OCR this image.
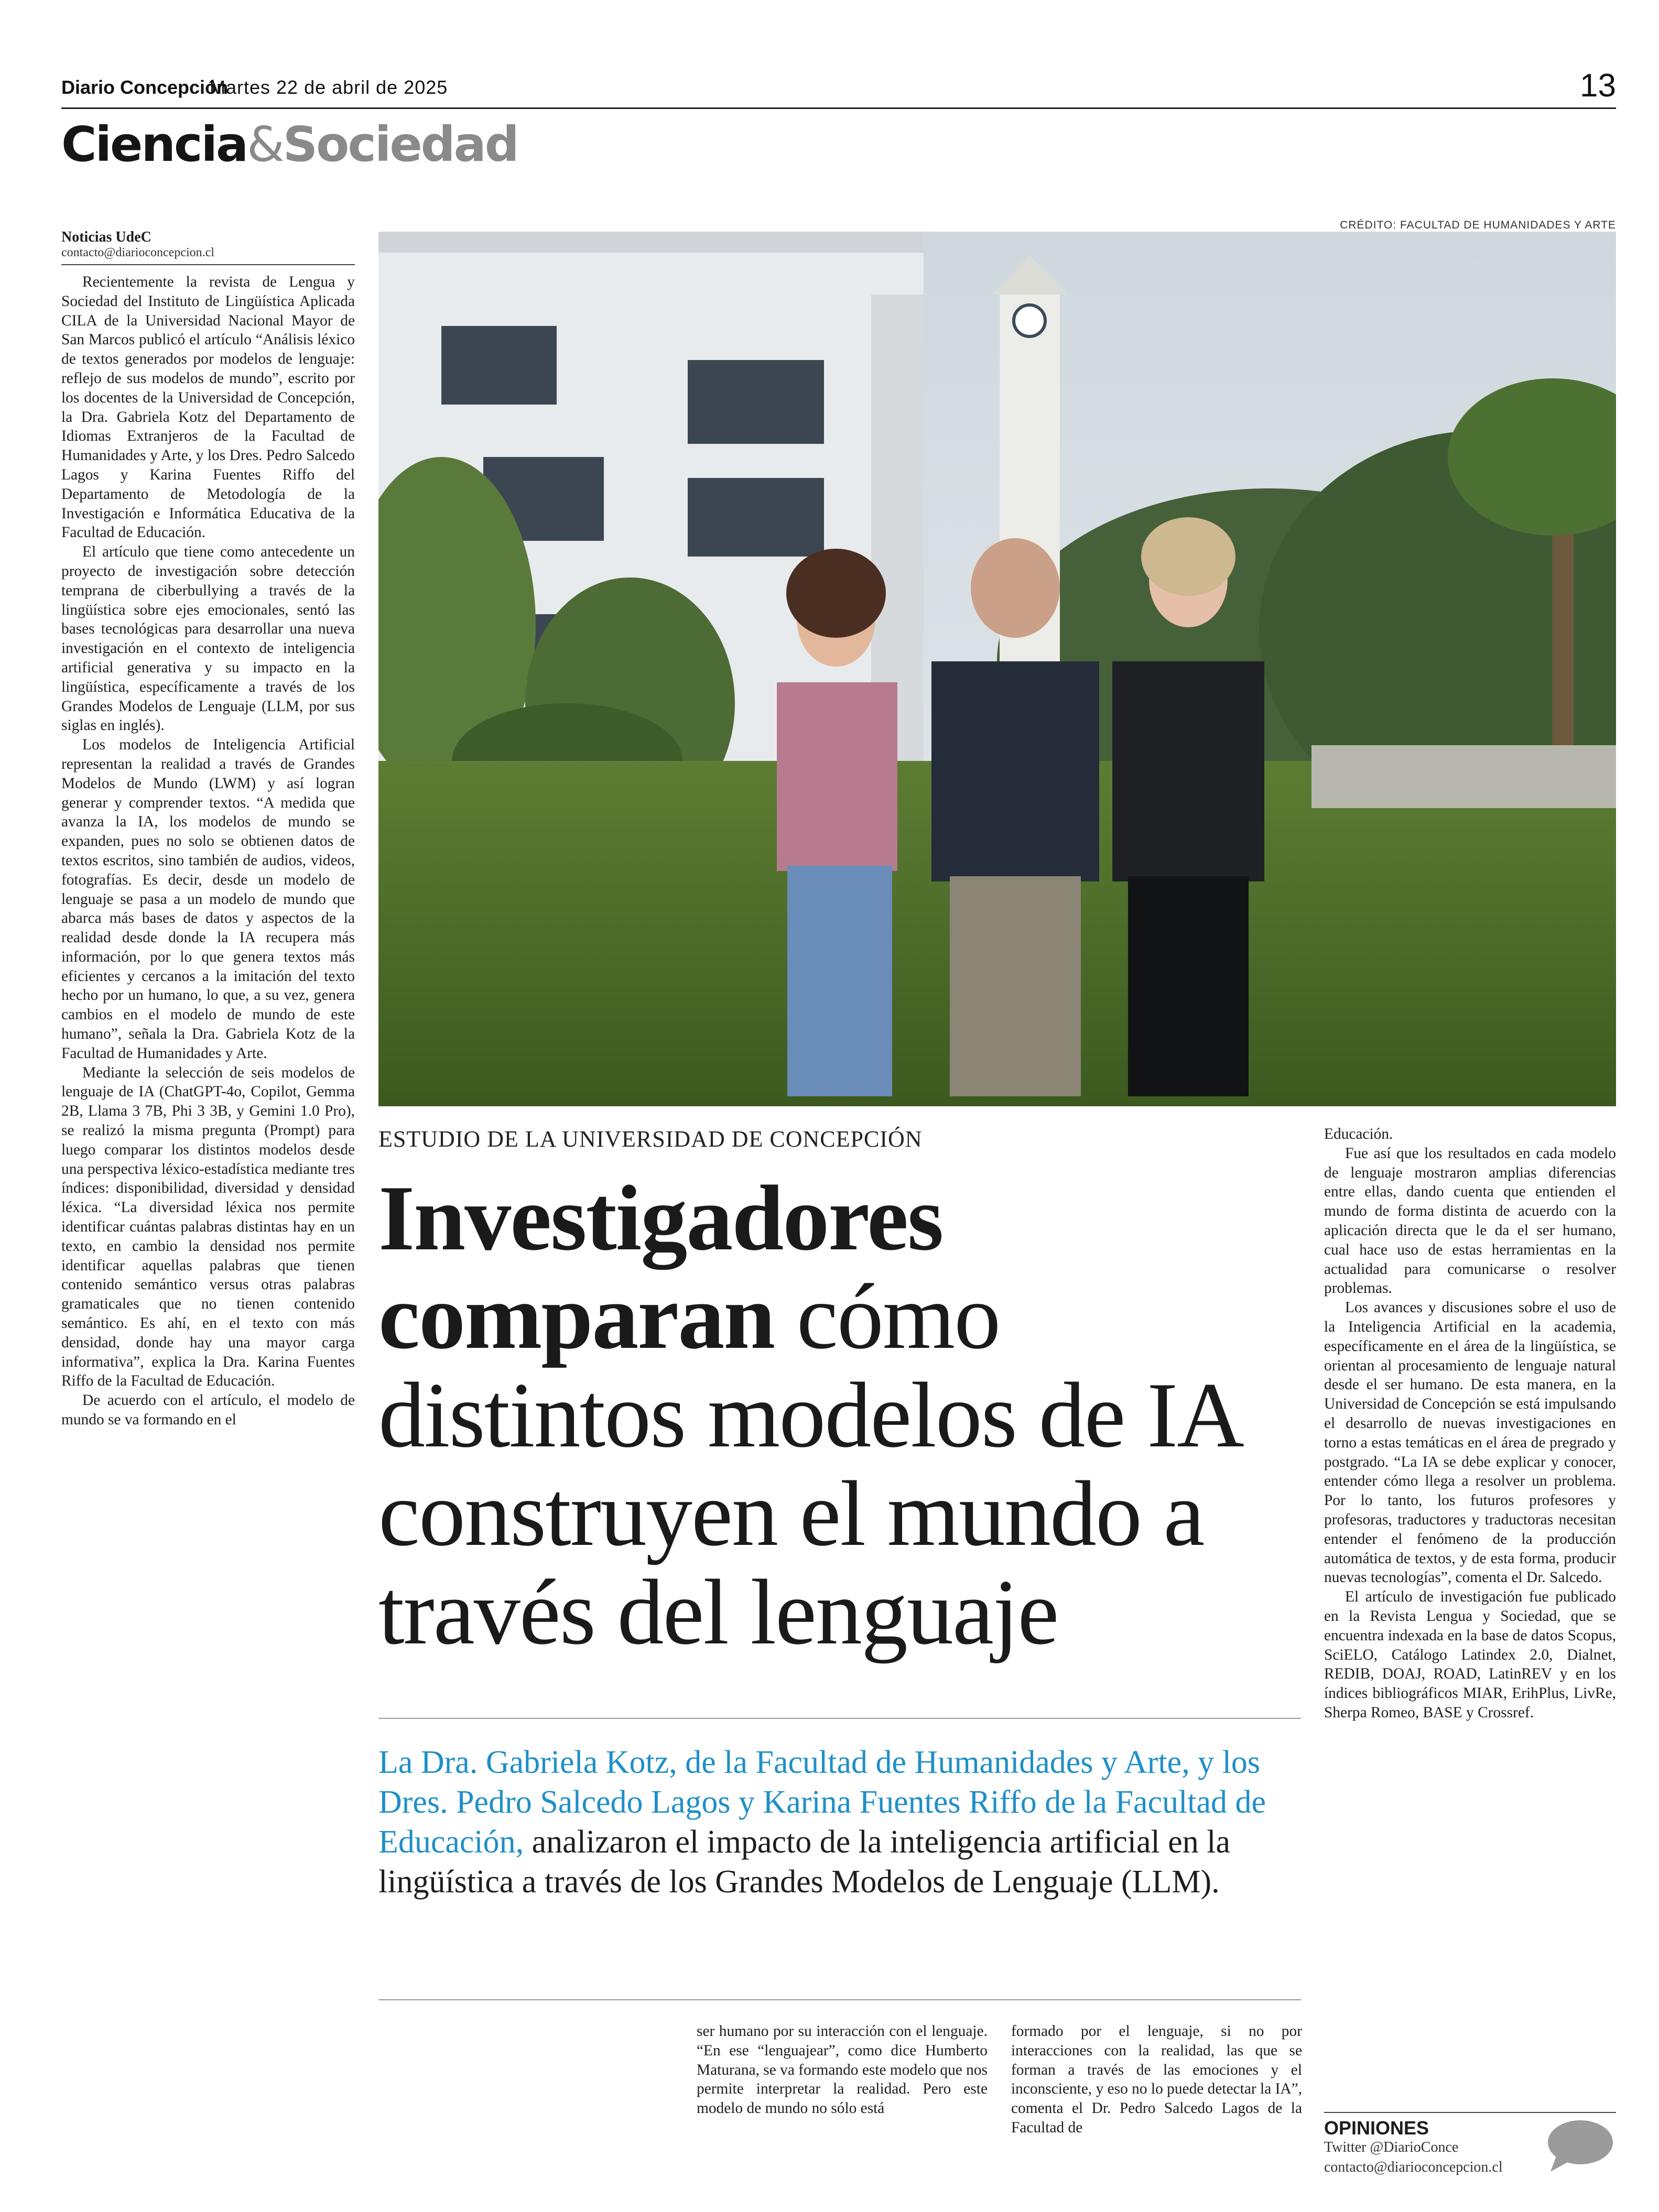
Diario Concepción
Martes 22 de abril de 2025	13
Ciencia&Sociedad
Noticias UdeC
contacto@diarioconcepcion.cl

Recientemente la revista de Lengua y Sociedad del Instituto de Lingüística Aplicada CILA de la Universidad Nacional Mayor de San Marcos publicó el artículo “Análisis léxico de textos generados por modelos de lenguaje: reflejo de sus modelos de mundo”, escrito por los docentes de la Universidad de Concepción, la Dra. Gabriela Kotz del Departamento de Idiomas Extranjeros de la Facultad de Humanidades y Arte, y los Dres. Pedro Salcedo Lagos y Karina Fuentes Riffo del Departamento de Metodología de la Investigación e Informática Educativa de la Facultad de Educación.

El artículo que tiene como antecedente un proyecto de investigación sobre detección temprana de ciberbullying a través de la lingüística sobre ejes emocionales, sentó las bases tecnológicas para desarrollar una nueva investigación en el contexto de inteligencia artificial generativa y su impacto en la lingüística, específicamente a través de los Grandes Modelos de Lenguaje (LLM, por sus siglas en inglés).

Los modelos de Inteligencia Artificial representan la realidad a través de Grandes Modelos de Mundo (LWM) y así logran generar y comprender textos. “A medida que avanza la IA, los modelos de mundo se expanden, pues no solo se obtienen datos de textos escritos, sino también de audios, videos, fotografías. Es decir, desde un modelo de lenguaje se pasa a un modelo de mundo que abarca más bases de datos y aspectos de la realidad desde donde la IA recupera más información, por lo que genera textos más eficientes y cercanos a la imitación del texto hecho por un humano, lo que, a su vez, genera cambios en el modelo de mundo de este humano”, señala la Dra. Gabriela Kotz de la Facultad de Humanidades y Arte.

Mediante la selección de seis modelos de lenguaje de IA (ChatGPT-4o, Copilot, Gemma 2B, Llama 3 7B, Phi 3 3B, y Gemini 1.0 Pro), se realizó la misma pregunta (Prompt) para luego comparar los distintos modelos desde una perspectiva léxico-estadística mediante tres índices: disponibilidad, diversidad y densidad léxica. “La diversidad léxica nos permite identificar cuántas palabras distintas hay en un texto, en cambio la densidad nos permite identificar aquellas palabras que tienen contenido semántico versus otras palabras gramaticales que no tienen contenido semántico. Es ahí, en el texto con más densidad, donde hay una mayor carga informativa”, explica la Dra. Karina Fuentes Riffo de la Facultad de Educación.

De acuerdo con el artículo, el modelo de mundo se va formando en el

CRÉDITO: FACULTAD DE HUMANIDADES Y ARTE
ESTUDIO DE LA UNIVERSIDAD DE CONCEPCIÓN
Investigadores comparan cómo distintos modelos de IA construyen el mundo a través del lenguaje
La Dra. Gabriela Kotz, de la Facultad de Humanidades y Arte, y los Dres. Pedro Salcedo Lagos y Karina Fuentes Riffo de la Facultad de Educación, analizaron el impacto de la inteligencia artificial en la lingüística a través de los Grandes Modelos de Lenguaje (LLM).

ser humano por su interacción con el lenguaje. “En ese “lenguajear”, como dice Humberto Maturana, se va formando este modelo que nos permite interpretar la realidad. Pero este modelo de mundo no sólo está

formado por el lenguaje, si no por interacciones con la realidad, las que se forman a través de las emociones y el inconsciente, y eso no lo puede detectar la IA”, comenta el Dr. Pedro Salcedo Lagos de la Facultad de

Educación.

Fue así que los resultados en cada modelo de lenguaje mostraron amplias diferencias entre ellas, dando cuenta que entienden el mundo de forma distinta de acuerdo con la aplicación directa que le da el ser humano, cual hace uso de estas herramientas en la actualidad para comunicarse o resolver problemas.

Los avances y discusiones sobre el uso de la Inteligencia Artificial en la academia, específicamente en el área de la lingüística, se orientan al procesamiento de lenguaje natural desde el ser humano. De esta manera, en la Universidad de Concepción se está impulsando el desarrollo de nuevas investigaciones en torno a estas temáticas en el área de pregrado y postgrado. “La IA se debe explicar y conocer, entender cómo llega a resolver un problema. Por lo tanto, los futuros profesores y profesoras, traductores y traductoras necesitan entender el fenómeno de la producción automática de textos, y de esta forma, producir nuevas tecnologías”, comenta el Dr. Salcedo.

El artículo de investigación fue publicado en la Revista Lengua y Sociedad, que se encuentra indexada en la base de datos Scopus, SciELO, Catálogo Latindex 2.0, Dialnet, REDIB, DOAJ, ROAD, LatinREV y en los índices bibliográficos MIAR, ErihPlus, LivRe, Sherpa Romeo, BASE y Crossref.

OPINIONES
Twitter @DiarioConce
contacto@diarioconcepcion.cl
